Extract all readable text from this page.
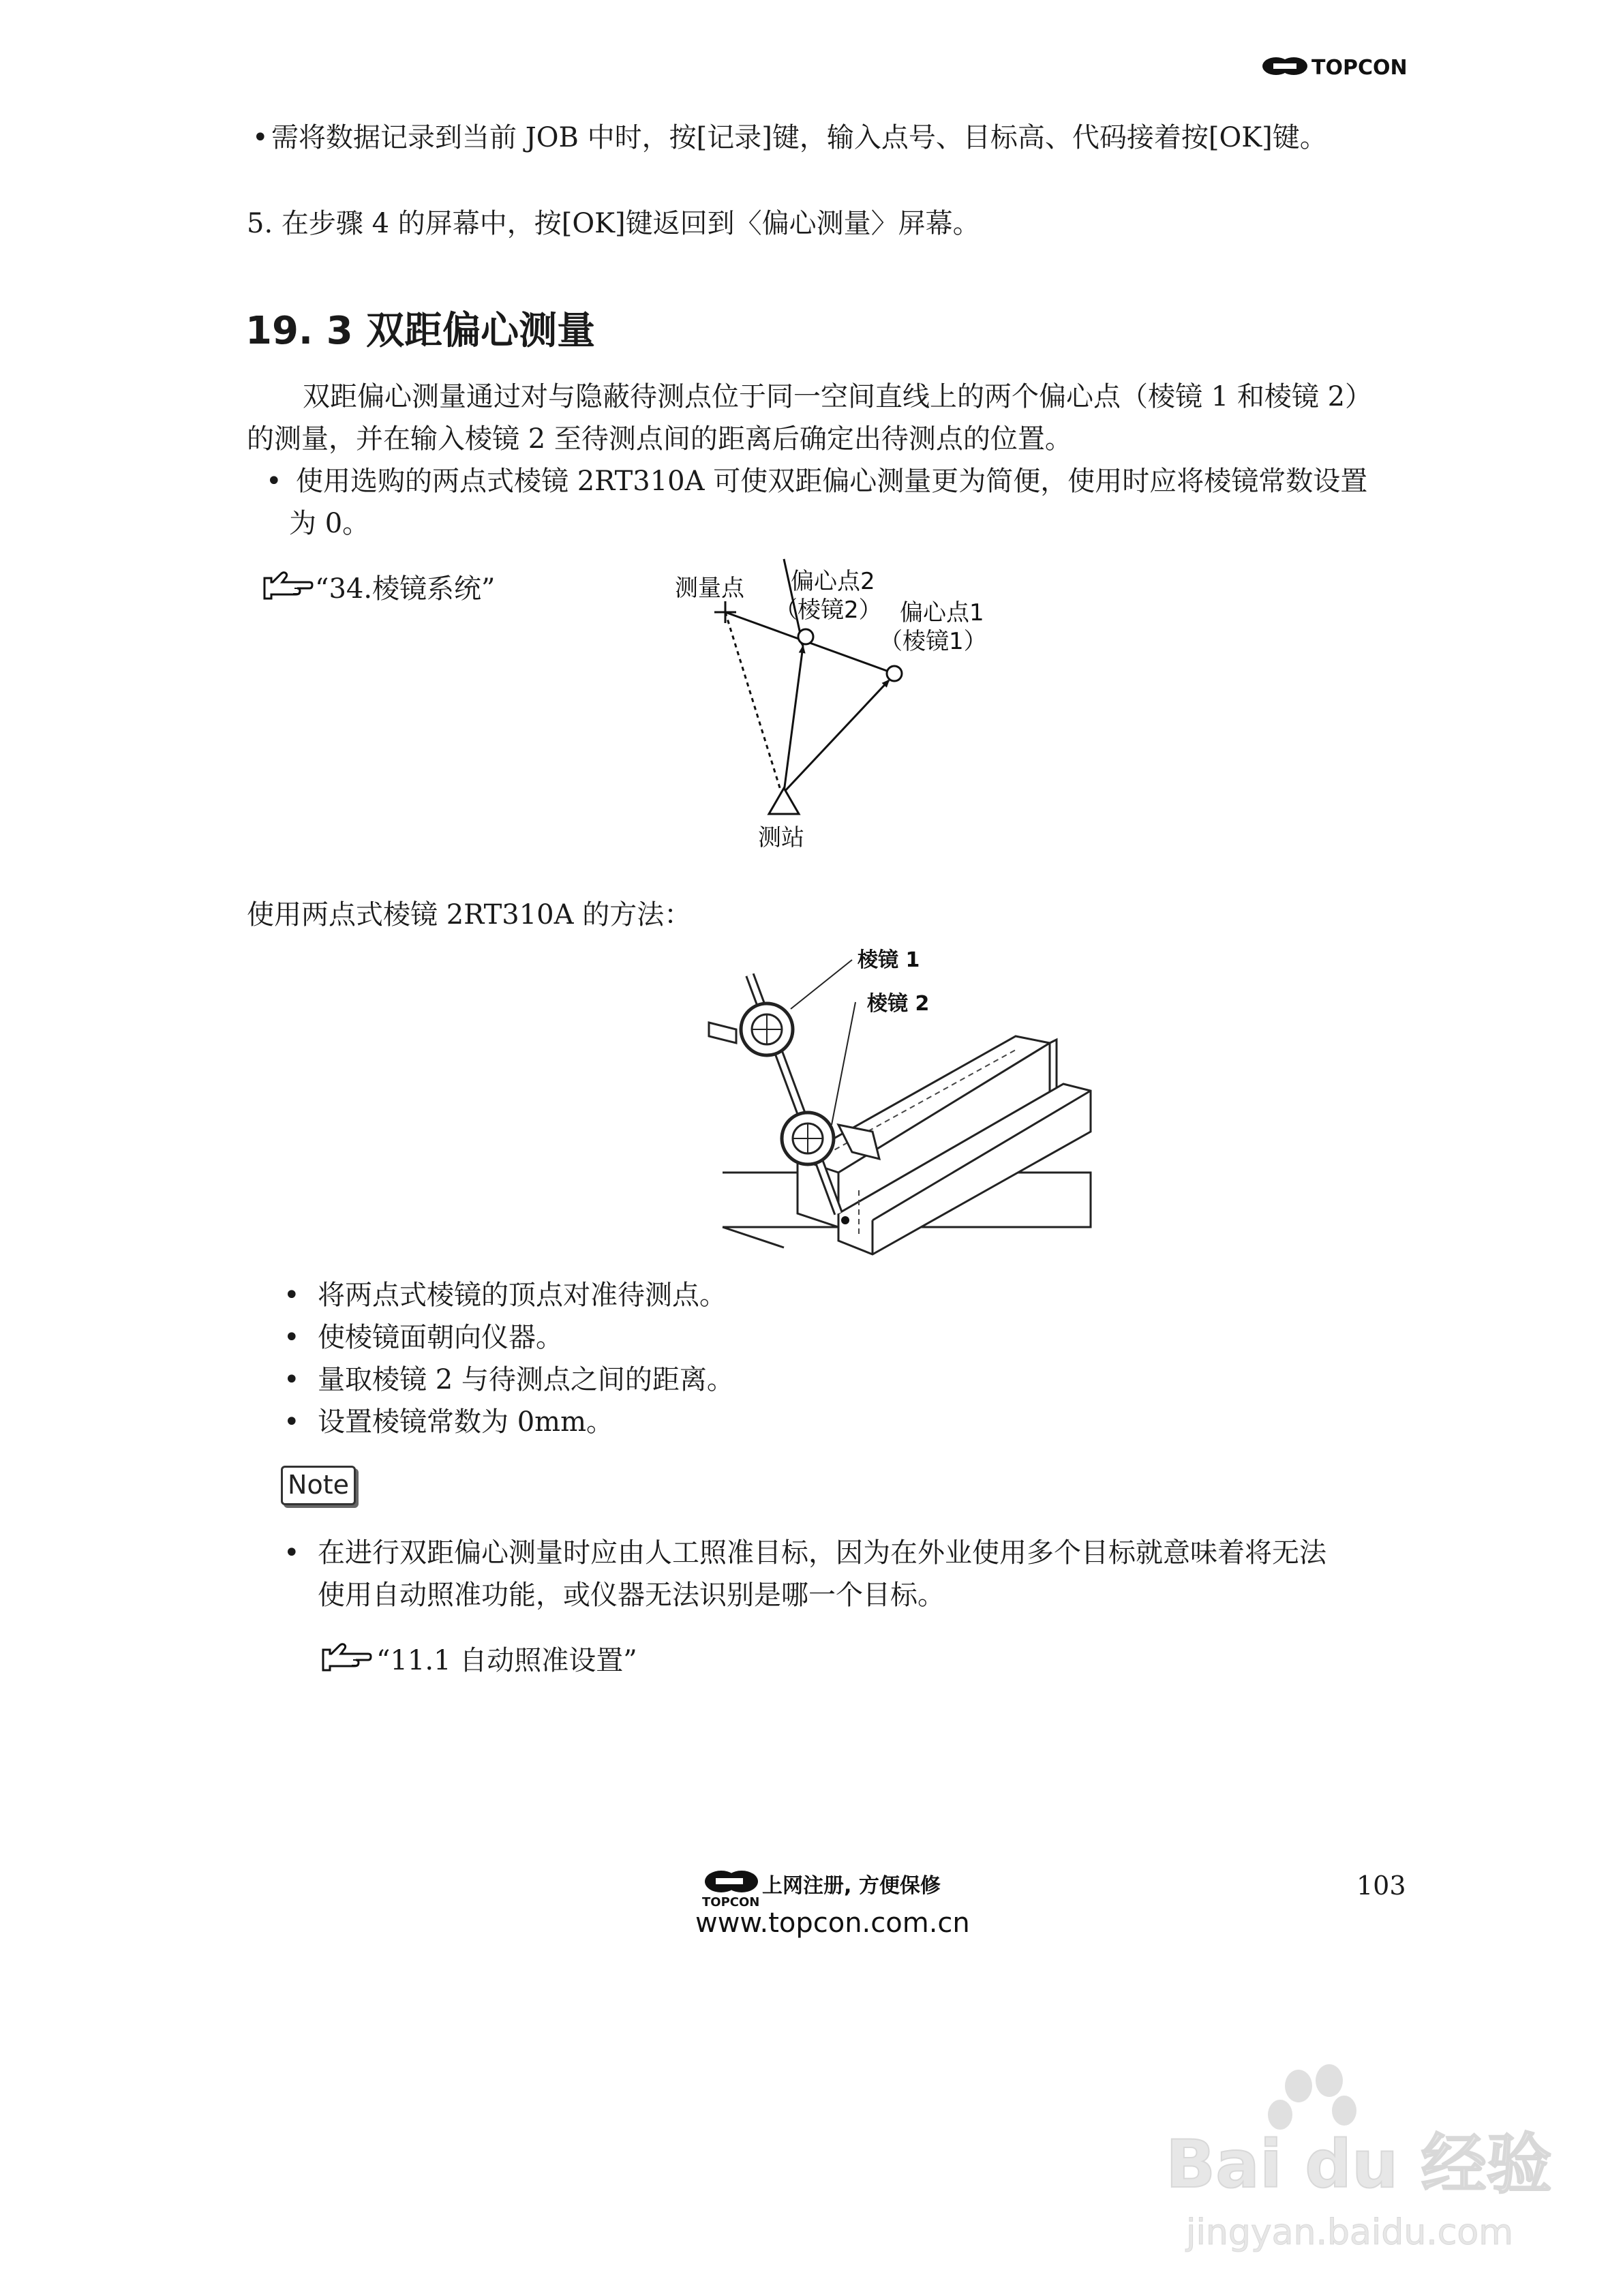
TOPCON
• 需将数据记录到当前 JOB 中时，按[记录]键，输入点号、目标高、代码接着按[OK]键。
5. 在步骤 4 的屏幕中，按[OK]键返回到〈偏心测量〉屏幕。
19. 3 双距偏心测量
双距偏心测量通过对与隐蔽待测点位于同一空间直线上的两个偏心点（棱镜 1 和棱镜 2）
的测量，并在输入棱镜 2 至待测点间的距离后确定出待测点的位置。
• 使用选购的两点式棱镜 2RT310A 可使双距偏心测量更为简便，使用时应将棱镜常数设置
为 0。
“34.棱镜系统”	测量点 偏心点2
（棱镜2） 偏心点1
（棱镜1）
测站
使用两点式棱镜 2RT310A 的方法：
棱镜 1
棱镜 2
• 将两点式棱镜的顶点对准待测点。
• 使棱镜面朝向仪器。
• 量取棱镜 2 与待测点之间的距离。
• 设置棱镜常数为 0mm。
Note
• 在进行双距偏心测量时应由人工照准目标，因为在外业使用多个目标就意味着将无法
使用自动照准功能，或仪器无法识别是哪一个目标。
“11.1 自动照准设置”
103
TOPCON
上网注册, 方便保修
www.topcon.com.cn
Bai du 经验
jingyan.baidu.com
